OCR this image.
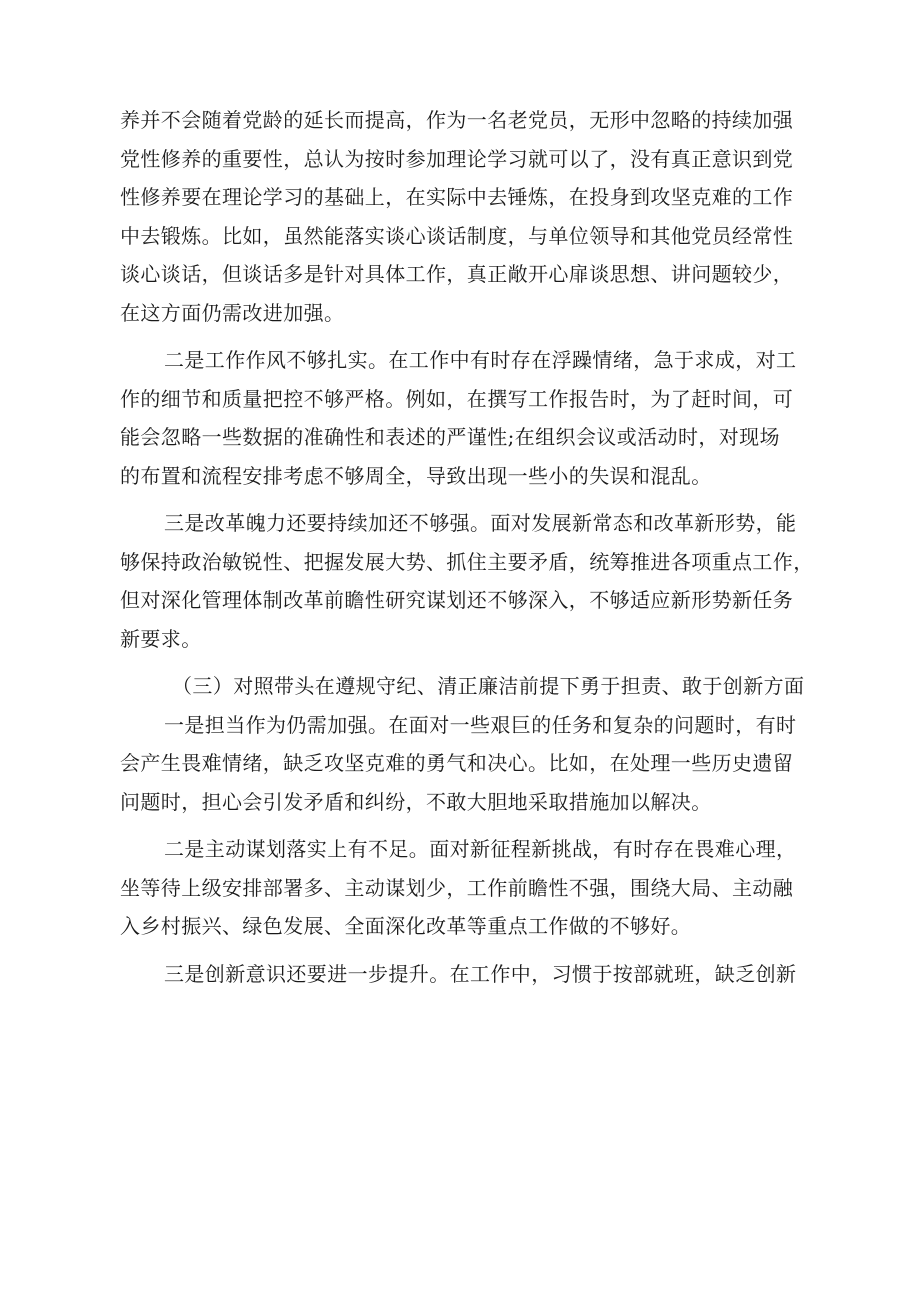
养并不会随着党龄的延长而提高，作为一名老党员，无形中忽略的持续加强
党性修养的重要性，总认为按时参加理论学习就可以了，没有真正意识到党
性修养要在理论学习的基础上，在实际中去锤炼，在投身到攻坚克难的工作
中去锻炼。比如，虽然能落实谈心谈话制度，与单位领导和其他党员经常性
谈心谈话，但谈话多是针对具体工作，真正敞开心扉谈思想、讲问题较少，
在这方面仍需改进加强。
二是工作作风不够扎实。在工作中有时存在浮躁情绪，急于求成，对工
作的细节和质量把控不够严格。例如，在撰写工作报告时，为了赶时间，可
能会忽略一些数据的准确性和表述的严谨性;在组织会议或活动时，对现场
的布置和流程安排考虑不够周全，导致出现一些小的失误和混乱。
三是改革魄力还要持续加还不够强。面对发展新常态和改革新形势，能
够保持政治敏锐性、把握发展大势、抓住主要矛盾，统筹推进各项重点工作，
但对深化管理体制改革前瞻性研究谋划还不够深入，不够适应新形势新任务
新要求。
（三）对照带头在遵规守纪、清正廉洁前提下勇于担责、敢于创新方面
一是担当作为仍需加强。在面对一些艰巨的任务和复杂的问题时，有时
会产生畏难情绪，缺乏攻坚克难的勇气和决心。比如，在处理一些历史遗留
问题时，担心会引发矛盾和纠纷，不敢大胆地采取措施加以解决。
二是主动谋划落实上有不足。面对新征程新挑战，有时存在畏难心理，
坐等待上级安排部署多、主动谋划少，工作前瞻性不强，围绕大局、主动融
入乡村振兴、绿色发展、全面深化改革等重点工作做的不够好。
三是创新意识还要进一步提升。在工作中，习惯于按部就班，缺乏创新
